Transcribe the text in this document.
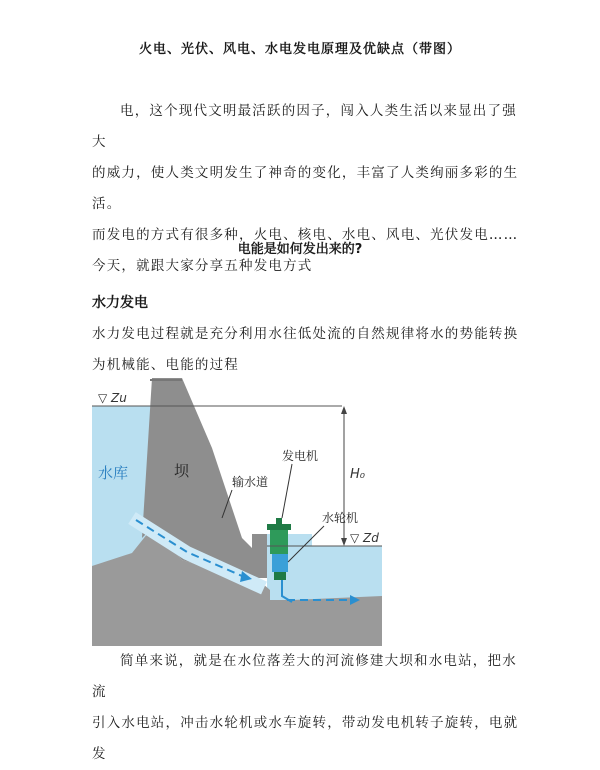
火电、光伏、风电、水电发电原理及优缺点（带图）
电，这个现代文明最活跃的因子，闯入人类生活以来显出了强大
的威力，使人类文明发生了神奇的变化，丰富了人类绚丽多彩的生活。
而发电的方式有很多种，火电、核电、水电、风电、光伏发电……
今天，就跟大家分享五种发电方式
电能是如何发出来的?
水力发电
水力发电过程就是充分利用水往低处流的自然规律将水的势能转换
为机械能、电能的过程
▽ Zu
水库	坝
输水道
发电机
水轮机
H₀
▽ Zd
简单来说，就是在水位落差大的河流修建大坝和水电站，把水流
引入水电站，冲击水轮机或水车旋转，带动发电机转子旋转，电就发
